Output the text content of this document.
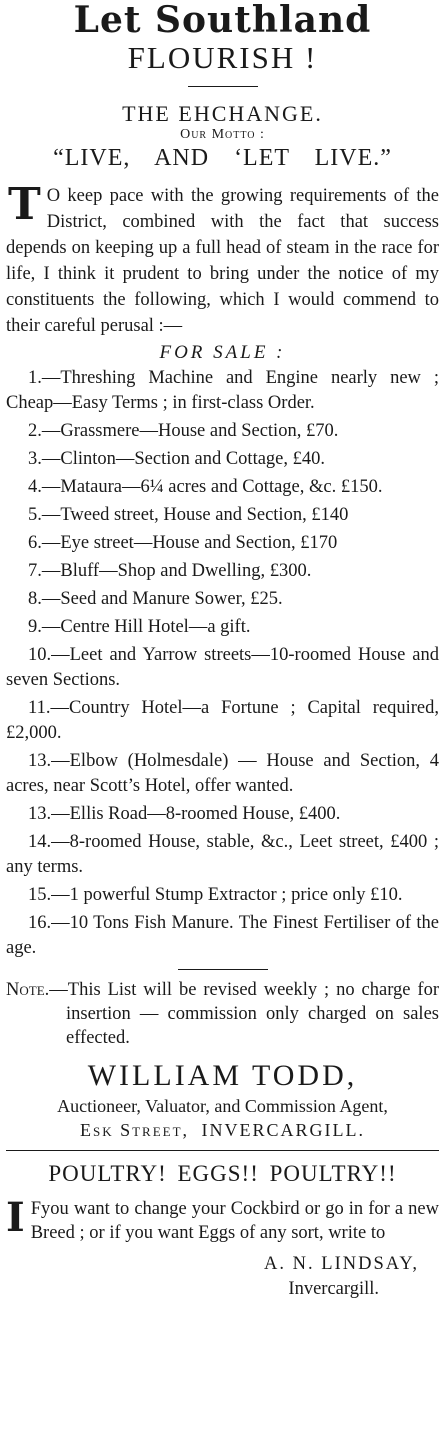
Let Southland
FLOURISH !
THE EHCHANGE.
Our Motto :
“LIVE, AND ‘LET LIVE.”
T O keep pace with the growing requirements of the District, combined with the fact that success depends on keeping up a full head of steam in the race for life, I think it prudent to bring under the notice of my constituents the following, which I would commend to their careful perusal :—
FOR SALE :
1.—Threshing Machine and Engine nearly new ; Cheap—Easy Terms ; in first-class Order.
2.—Grassmere—House and Section, £70.
3.—Clinton—Section and Cottage, £40.
4.—Mataura—6¼ acres and Cottage, &c. £150.
5.—Tweed street, House and Section, £140
6.—Eye street—House and Section, £170
7.—Bluff—Shop and Dwelling, £300.
8.—Seed and Manure Sower, £25.
9.—Centre Hill Hotel—a gift.
10.—Leet and Yarrow streets—10-roomed House and seven Sections.
11.—Country Hotel—a Fortune ; Capital required, £2,000.
13.—Elbow (Holmesdale) — House and Section, 4 acres, near Scott’s Hotel, offer wanted.
13.—Ellis Road—8-roomed House, £400.
14.—8-roomed House, stable, &c., Leet street, £400 ; any terms.
15.—1 powerful Stump Extractor ; price only £10.
16.—10 Tons Fish Manure. The Finest Fertiliser of the age.
Note.—This List will be revised weekly ; no charge for insertion — commission only charged on sales effected.
WILLIAM TODD,
Auctioneer, Valuator, and Commission Agent,
Esk Street, INVERCARGILL.
POULTRY! EGGS!! POULTRY!!
I Fyou want to change your Cockbird or go in for a new Breed ; or if you want Eggs of any sort, write to
A. N. LINDSAY,
Invercargill.
